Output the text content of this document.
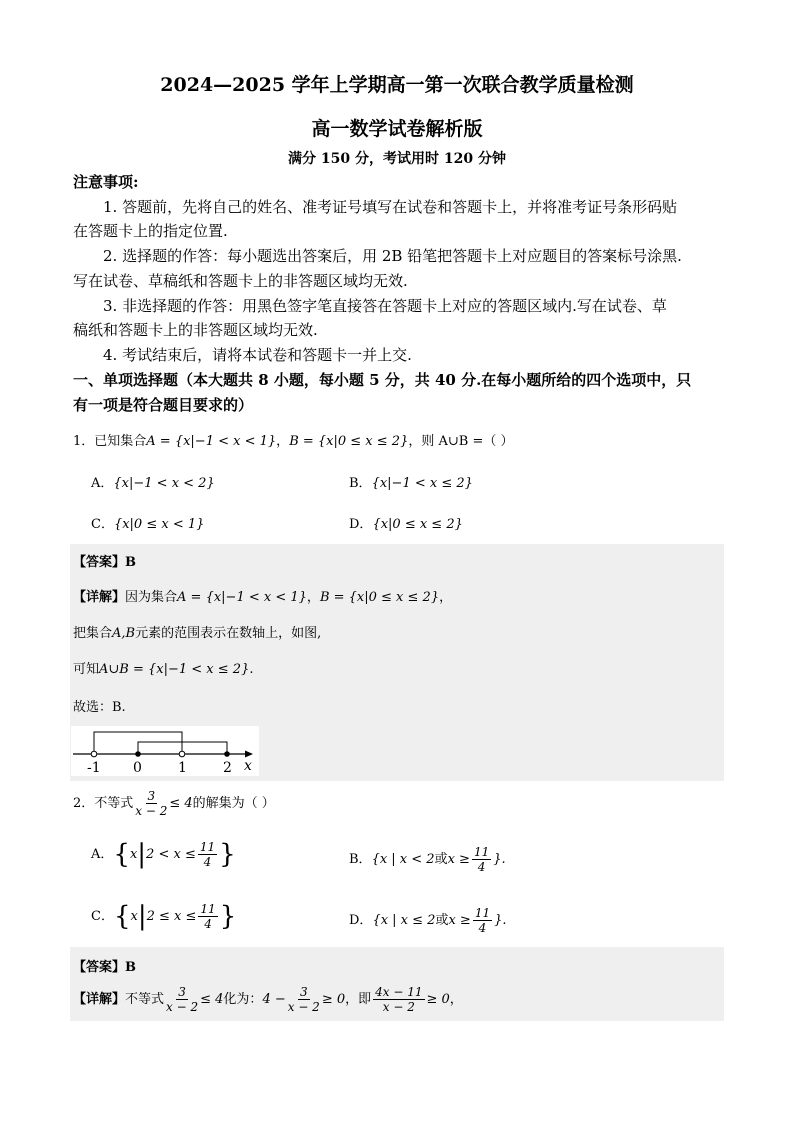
2024—2025 学年上学期高一第一次联合教学质量检测
高一数学试卷解析版
满分 150 分，考试用时 120 分钟
注意事项:
1. 答题前，先将自己的姓名、准考证号填写在试卷和答题卡上，并将准考证号条形码贴
在答题卡上的指定位置.
2. 选择题的作答：每小题选出答案后，用 2B 铅笔把答题卡上对应题目的答案标号涂黑.
写在试卷、草稿纸和答题卡上的非答题区域均无效.
3. 非选择题的作答：用黑色签字笔直接答在答题卡上对应的答题区域内.写在试卷、草
稿纸和答题卡上的非答题区域均无效.
4. 考试结束后，请将本试卷和答题卡一并上交.
一、单项选择题（本大题共 8 小题，每小题 5 分，共 40 分.在每小题所给的四个选项中，只
有一项是符合题目要求的）
1．已知集合A = {x|−1 < x < 1}，B = {x|0 ≤ x ≤ 2}，则 A∪B =（ ）
A．{x|−1 < x < 2}	B．{x|−1 < x ≤ 2}
C．{x|0 ≤ x < 1}	D．{x|0 ≤ x ≤ 2}
【答案】B
【详解】因为集合A = {x|−1 < x < 1}，B = {x|0 ≤ x ≤ 2}，
把集合A,B元素的范围表示在数轴上，如图,
可知A∪B = {x|−1 < x ≤ 2}.
故选：B.
-1 0	1	2 x
2．不等式 $\frac{3}{x - 2} \le 4$的解集为（ ）
A．{$x|2 < x \le \frac{11}{4}$ }	B．{x | x < 2或$x \ge \frac{11}{4}$ }.
C．{$x|2 \le x \le \frac{11}{4}$ }	D．{x | x ≤ 2或$x \ge \frac{11}{4}$ }.
【答案】B
【详解】不等式 $\frac{3}{x - 2} \le 4$化为：$4 - \frac{3}{x - 2} \ge 0$，即 $\frac{4x - 11}{x - 2} \ge 0$，
